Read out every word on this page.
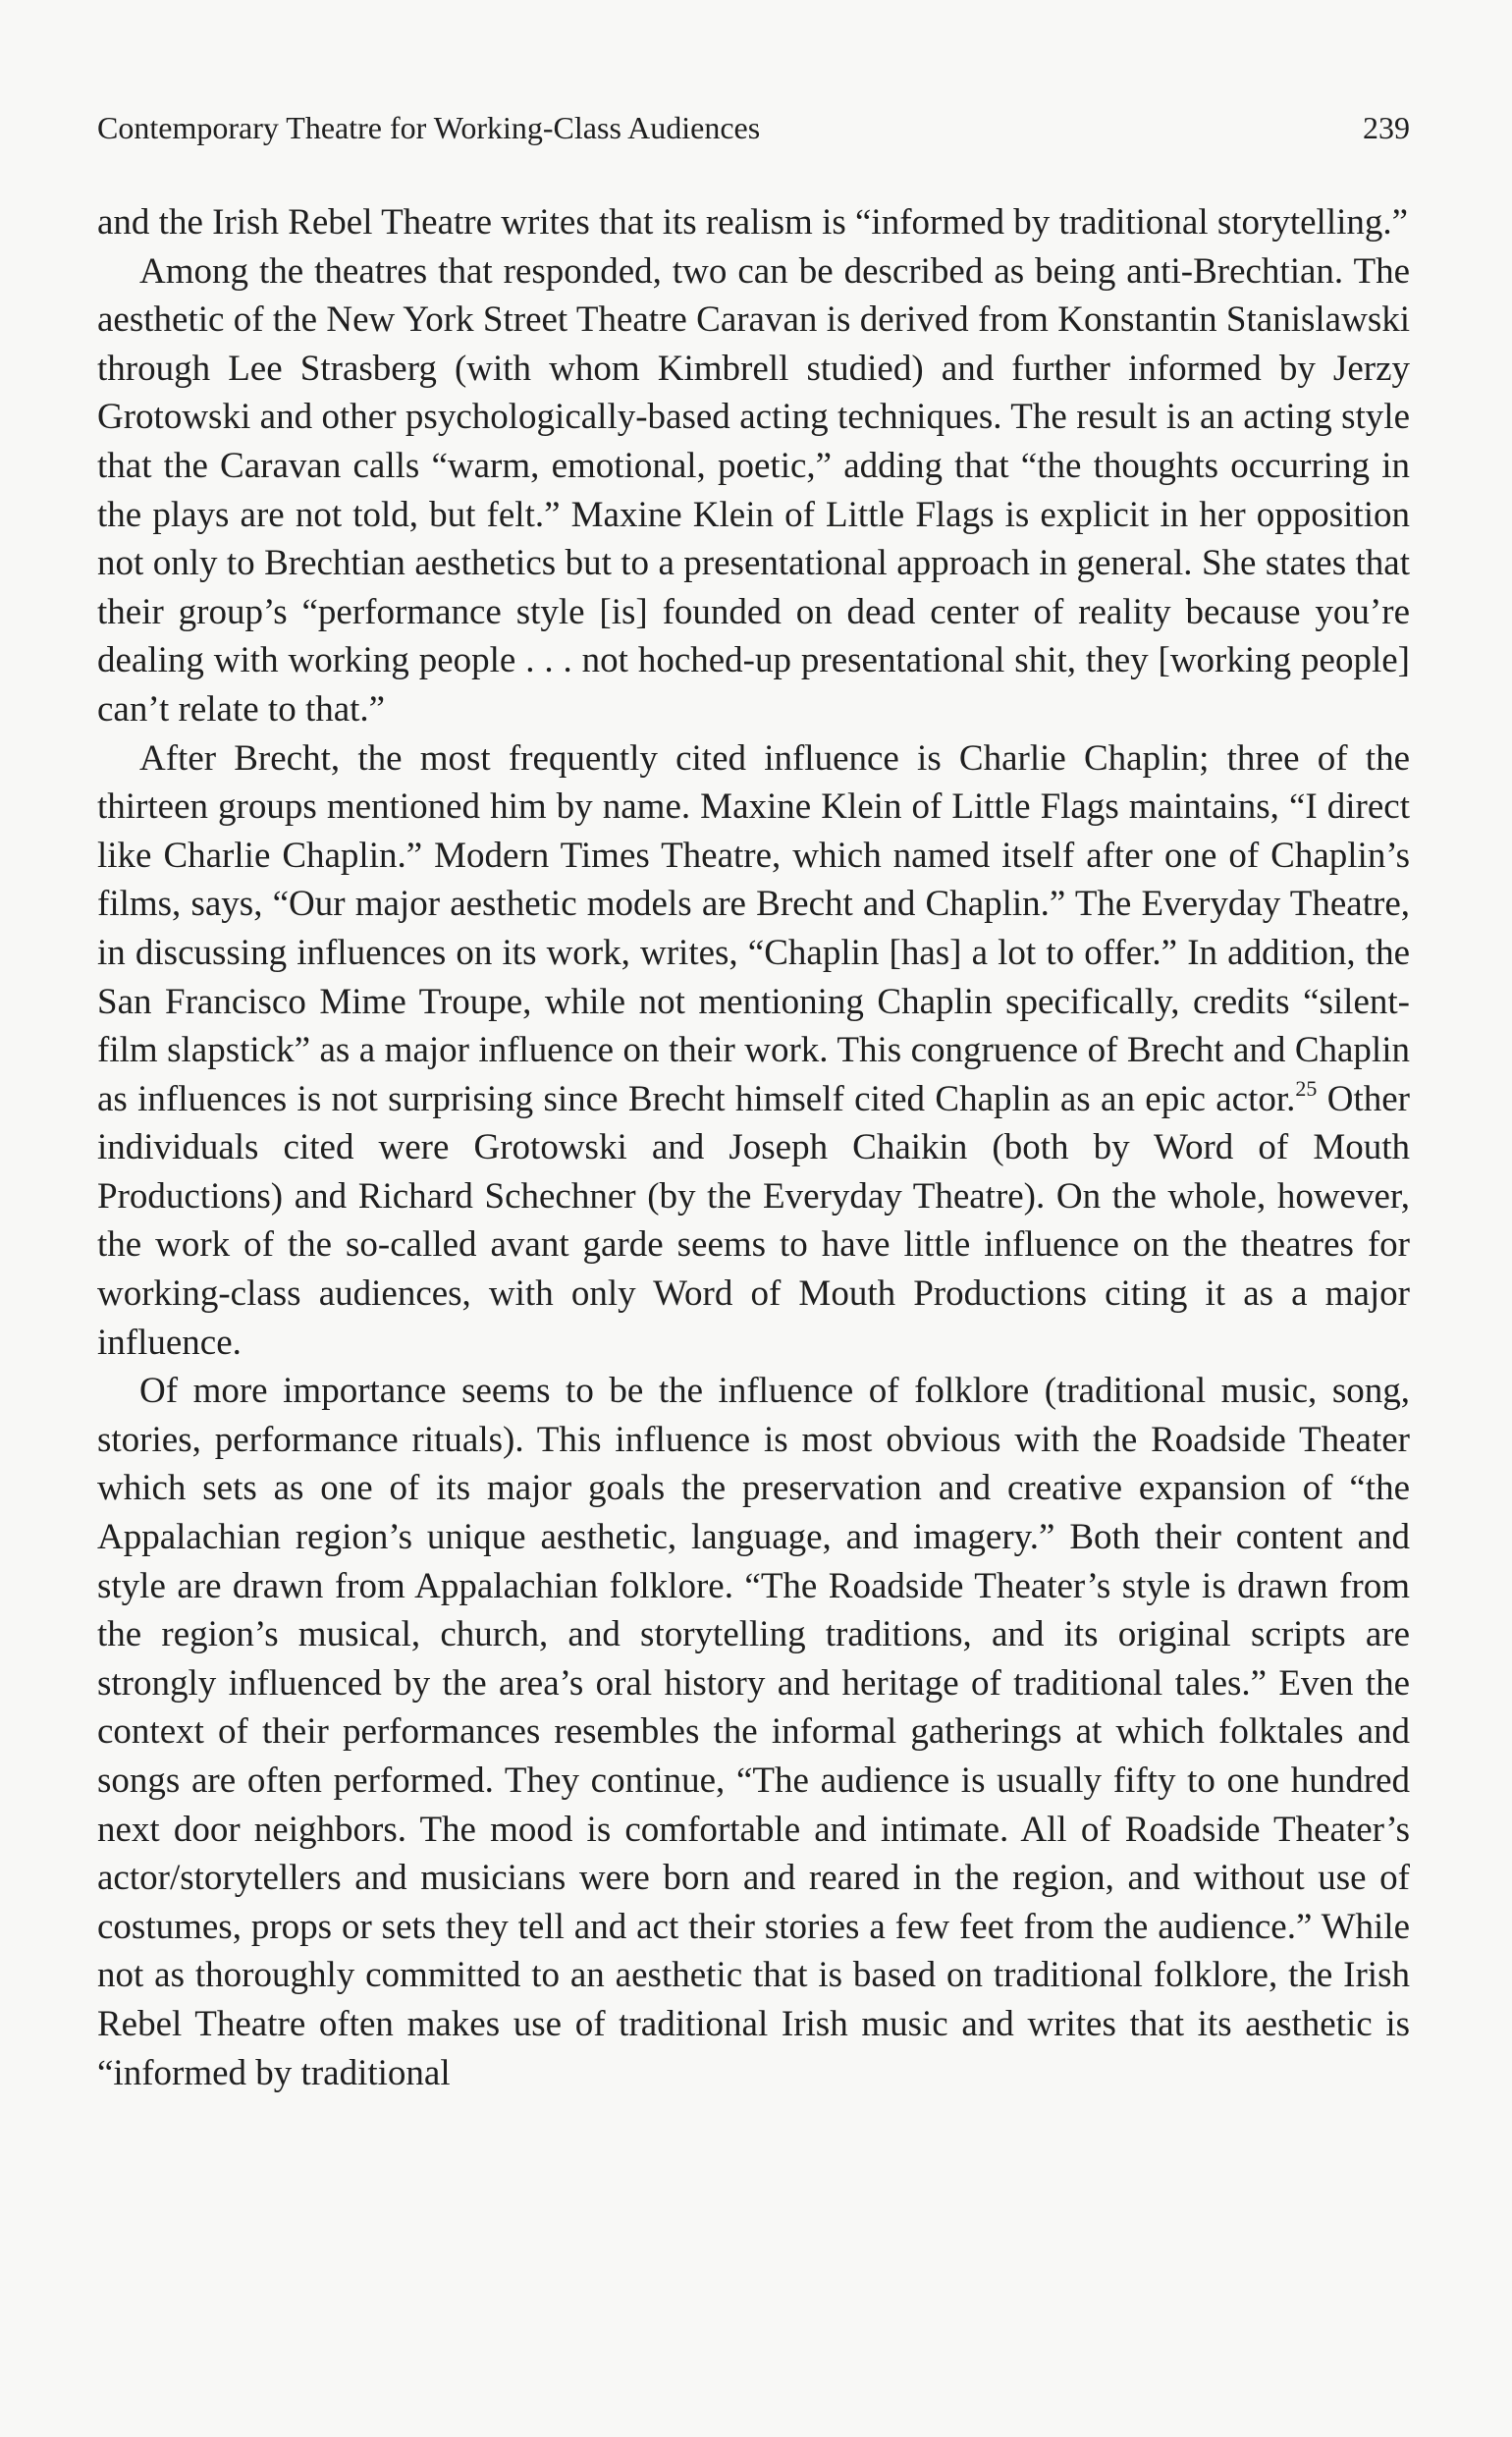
Contemporary Theatre for Working-Class Audiences	239

and the Irish Rebel Theatre writes that its realism is “informed by traditional storytelling.”

Among the theatres that responded, two can be described as being anti-Brechtian. The aesthetic of the New York Street Theatre Caravan is derived from Konstantin Stanislawski through Lee Strasberg (with whom Kimbrell studied) and further informed by Jerzy Grotowski and other psychologically-based acting techniques. The result is an acting style that the Caravan calls “warm, emotional, poetic,” adding that “the thoughts occurring in the plays are not told, but felt.” Maxine Klein of Little Flags is explicit in her opposition not only to Brechtian aesthetics but to a presentational approach in general. She states that their group’s “performance style [is] founded on dead center of reality because you’re dealing with working people . . . not hoched-up presentational shit, they [working people] can’t relate to that.”

After Brecht, the most frequently cited influence is Charlie Chaplin; three of the thirteen groups mentioned him by name. Maxine Klein of Little Flags maintains, “I direct like Charlie Chaplin.” Modern Times Theatre, which named itself after one of Chaplin’s films, says, “Our major aesthetic models are Brecht and Chaplin.” The Everyday Theatre, in discussing influences on its work, writes, “Chaplin [has] a lot to offer.” In addition, the San Francisco Mime Troupe, while not mentioning Chaplin specifically, credits “silent-film slapstick” as a major influence on their work. This congruence of Brecht and Chaplin as influences is not surprising since Brecht himself cited Chaplin as an epic actor.$^{25}$ Other individuals cited were Grotowski and Joseph Chaikin (both by Word of Mouth Productions) and Richard Schechner (by the Everyday Theatre). On the whole, however, the work of the so-called avant garde seems to have little influence on the theatres for working-class audiences, with only Word of Mouth Productions citing it as a major influence.

Of more importance seems to be the influence of folklore (traditional music, song, stories, performance rituals). This influence is most obvious with the Roadside Theater which sets as one of its major goals the preservation and creative expansion of “the Appalachian region’s unique aesthetic, language, and imagery.” Both their content and style are drawn from Appalachian folklore. “The Roadside Theater’s style is drawn from the region’s musical, church, and storytelling traditions, and its original scripts are strongly influenced by the area’s oral history and heritage of traditional tales.” Even the context of their performances resembles the informal gatherings at which folktales and songs are often performed. They continue, “The audience is usually fifty to one hundred next door neighbors. The mood is comfortable and intimate. All of Roadside Theater’s actor/storytellers and musicians were born and reared in the region, and without use of costumes, props or sets they tell and act their stories a few feet from the audience.” While not as thoroughly committed to an aesthetic that is based on traditional folklore, the Irish Rebel Theatre often makes use of traditional Irish music and writes that its aesthetic is “informed by traditional
